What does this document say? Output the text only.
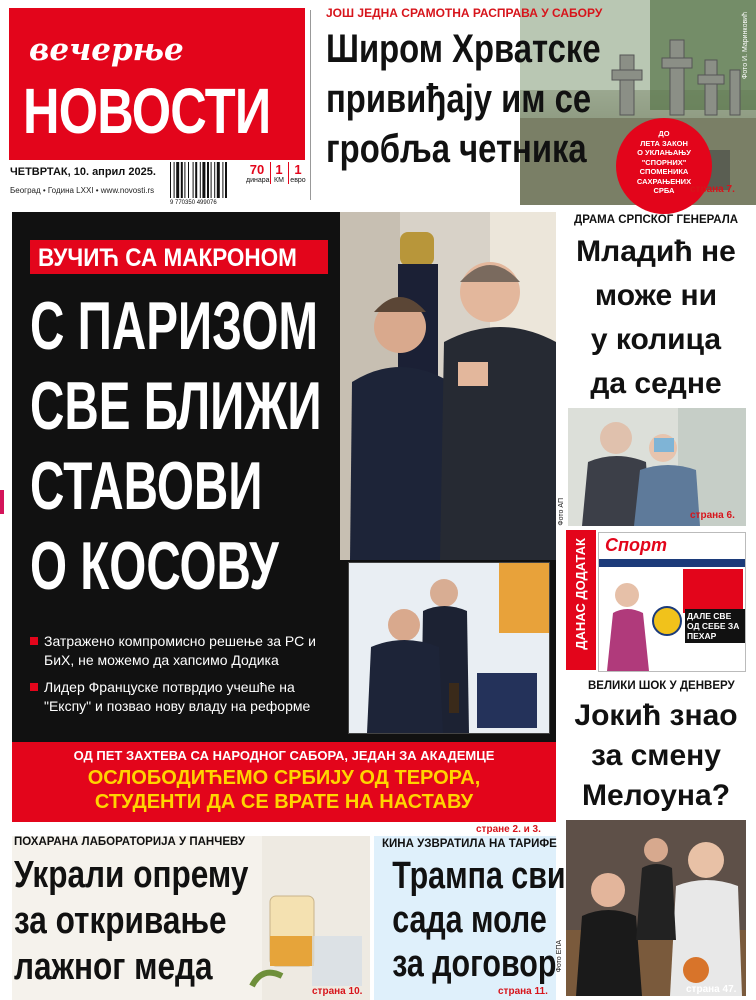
вечерње
НОВОСТИ
ЧЕТВРТАК, 10. април 2025.
Београд • Година LXXI • www.novosti.rs
9 770350 499076
70
динара
1
КМ
1
евро
Фото И. Маринковић
ЈОШ ЈЕДНА СРАМОТНА РАСПРАВА У САБОРУ
Широм Хрватске
привиђају им се
гробља четника	ДО
ЛЕТА ЗАКОН
О УКЛАЊАЊУ
"СПОРНИХ"
СПОМЕНИКА
САХРАЊЕНИХ
СРБА	страна 7.
ВУЧИЋ СА МАКРОНОМ
С ПАРИЗОМ
СВЕ БЛИЖИ
СТАВОВИ
О КОСОВУ
Затражено компромисно решење за РС и БиХ, не можемо да хапсимо Додика
Лидер Француске потврдио учешће на "Експу" и позвао нову владу на реформе
ОД ПЕТ ЗАХТЕВА СА НАРОДНОГ САБОРА, ЈЕДАН ЗА АКАДЕМЦЕ
ОСЛОБОДИЋЕМО СРБИЈУ ОД ТЕРОРА,
СТУДЕНТИ ДА СЕ ВРАТЕ НА НАСТАВУ
стране 2. и 3.
ДРАМА СРПСКОГ ГЕНЕРАЛА
Младић не
може ни
у колица
да седне
Фото АП	страна 6.
ДАНАС ДОДАТАК Спорт
ДАЛЕ СВЕ ОД СЕБЕ ЗА ПЕХАР
ВЕЛИКИ ШОК У ДЕНВЕРУ
Јокић знао
за смену
Мелоуна?
Фото ЕПА
страна 47.
ПОХАРАНА ЛАБОРАТОРИЈА У ПАНЧЕВУ
Украли опрему
за откривање
лажног меда
страна 10.
КИНА УЗВРАТИЛА НА ТАРИФЕ
Трампа сви
сада моле
за договор
страна 11.
